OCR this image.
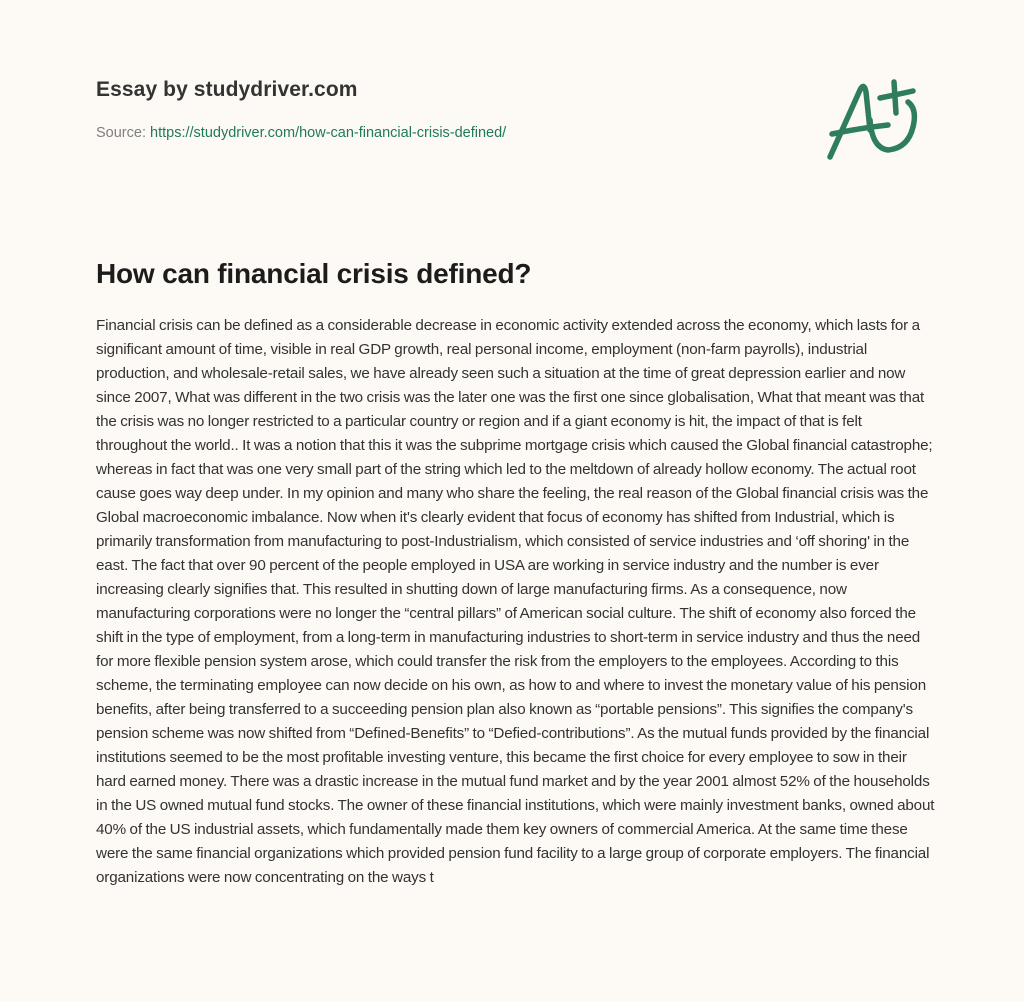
Essay by studydriver.com
Source: https://studydriver.com/how-can-financial-crisis-defined/
How can financial crisis defined?

Financial crisis can be defined as a considerable decrease in economic activity extended across the economy, which lasts for a significant amount of time, visible in real GDP growth, real personal income, employment (non-farm payrolls), industrial production, and wholesale-retail sales, we have already seen such a situation at the time of great depression earlier and now since 2007, What was different in the two crisis was the later one was the first one since globalisation, What that meant was that the crisis was no longer restricted to a particular country or region and if a giant economy is hit, the impact of that is felt throughout the world.. It was a notion that this it was the subprime mortgage crisis which caused the Global financial catastrophe; whereas in fact that was one very small part of the string which led to the meltdown of already hollow economy. The actual root cause goes way deep under. In my opinion and many who share the feeling, the real reason of the Global financial crisis was the Global macroeconomic imbalance. Now when it's clearly evident that focus of economy has shifted from Industrial, which is primarily transformation from manufacturing to post-Industrialism, which consisted of service industries and ‘off shoring' in the east. The fact that over 90 percent of the people employed in USA are working in service industry and the number is ever increasing clearly signifies that. This resulted in shutting down of large manufacturing firms. As a consequence, now manufacturing corporations were no longer the “central pillars” of American social culture. The shift of economy also forced the shift in the type of employment, from a long-term in manufacturing industries to short-term in service industry and thus the need for more flexible pension system arose, which could transfer the risk from the employers to the employees. According to this scheme, the terminating employee can now decide on his own, as how to and where to invest the monetary value of his pension benefits, after being transferred to a succeeding pension plan also known as “portable pensions”. This signifies the company's pension scheme was now shifted from “Defined-Benefits” to “Defied-contributions”. As the mutual funds provided by the financial institutions seemed to be the most profitable investing venture, this became the first choice for every employee to sow in their hard earned money. There was a drastic increase in the mutual fund market and by the year 2001 almost 52% of the households in the US owned mutual fund stocks. The owner of these financial institutions, which were mainly investment banks, owned about 40% of the US industrial assets, which fundamentally made them key owners of commercial America. At the same time these were the same financial organizations which provided pension fund facility to a large group of corporate employers. The financial organizations were now concentrating on the ways t
